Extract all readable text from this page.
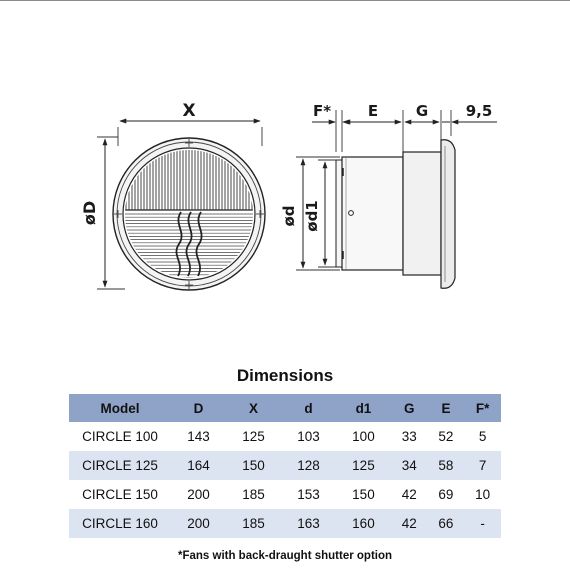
X
øD
F* E	G	9,5
ød ød1
Dimensions
Model	D	X	d	d1	G	E	F*
CIRCLE 100	143	125	103	100	33	52	5
CIRCLE 125	164	150	128	125	34	58	7
CIRCLE 150	200	185	153	150	42	69	10
CIRCLE 160	200	185	163	160	42	66	-
*Fans with back-draught shutter option
